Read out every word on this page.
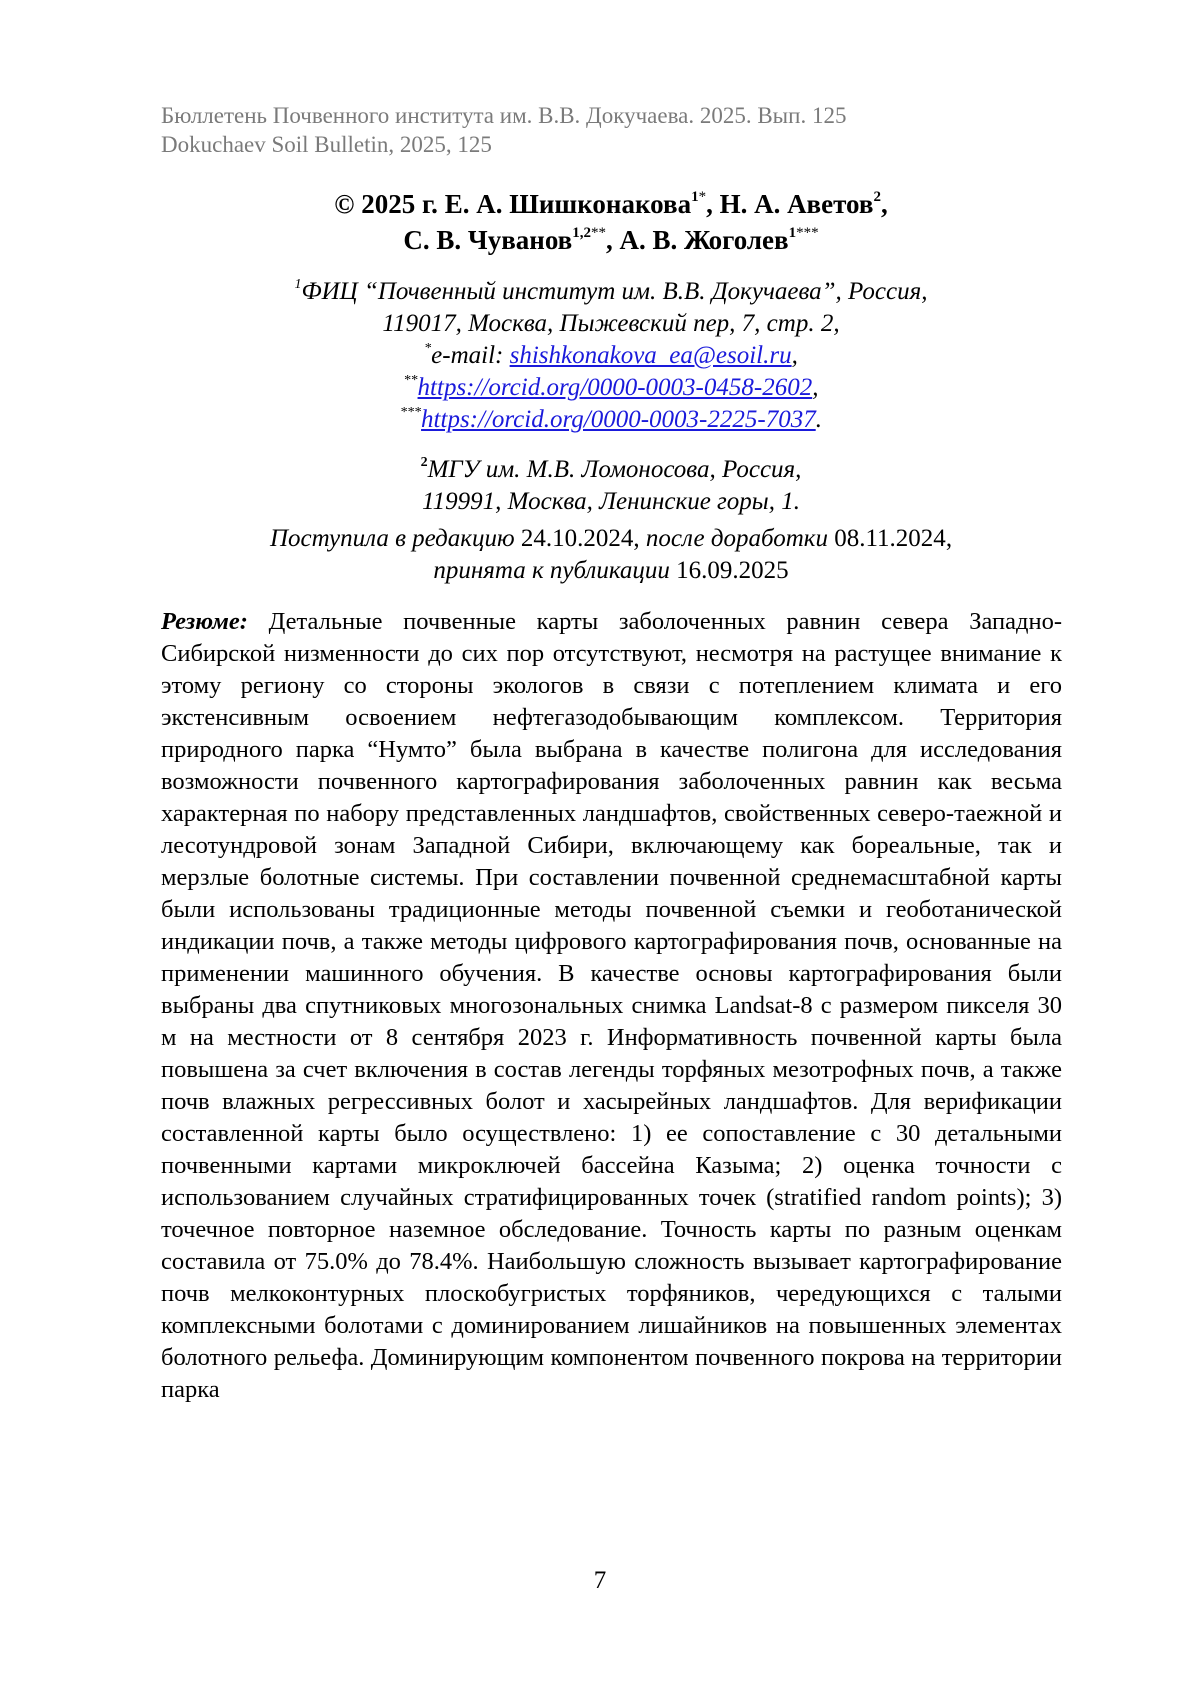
Бюллетень Почвенного института им. В.В. Докучаева. 2025. Вып. 125
Dokuchaev Soil Bulletin, 2025, 125
© 2025 г. Е. А. Шишконакова$^{1*}$, Н. А. Аветов$^2$,
С. В. Чуванов$^{1,2**}$, А. В. Жоголев$^{1***}$
$^1$ФИЦ “Почвенный институт им. В.В. Докучаева”, Россия,
119017, Москва, Пыжевский пер, 7, стр. 2,
*e-mail: shishkonakova_ea@esoil.ru,
**https://orcid.org/0000-0003-0458-2602,
***https://orcid.org/0000-0003-2225-7037.
$^2$МГУ им. М.В. Ломоносова, Россия,
119991, Москва, Ленинские горы, 1.
Поступила в редакцию 24.10.2024, после доработки 08.11.2024,
принята к публикации 16.09.2025

Резюме: Детальные почвенные карты заболоченных равнин севера Западно-Сибирской низменности до сих пор отсутствуют, несмотря на растущее внимание к этому региону со стороны экологов в связи с потеплением климата и его экстенсивным освоением нефтегазодобывающим комплексом. Территория природного парка “Нумто” была выбрана в качестве полигона для исследования возможности почвенного картографирования заболоченных равнин как весьма характерная по набору представленных ландшафтов, свойственных северо-таежной и лесотундровой зонам Западной Сибири, включающему как бореальные, так и мерзлые болотные системы. При составлении почвенной среднемасштабной карты были использованы традиционные методы почвенной съемки и геоботанической индикации почв, а также методы цифрового картографирования почв, основанные на применении машинного обучения. В качестве основы картографирования были выбраны два спутниковых многозональных снимка Landsat-8 с размером пикселя 30 м на местности от 8 сентября 2023 г. Информативность почвенной карты была повышена за счет включения в состав легенды торфяных мезотрофных почв, а также почв влажных регрессивных болот и хасырейных ландшафтов. Для верификации составленной карты было осуществлено: 1) ее сопоставление с 30 детальными почвенными картами микроключей бассейна Казыма; 2) оценка точности с использованием случайных стратифицированных точек (stratified random points); 3) точечное повторное наземное обследование. Точность карты по разным оценкам составила от 75.0% до 78.4%. Наибольшую сложность вызывает картографирование почв мелкоконтурных плоскобугристых торфяников, чередующихся с талыми комплексными болотами с доминированием лишайников на повышенных элементах болотного рельефа. Доминирующим компонентом почвенного покрова на территории парка

7
